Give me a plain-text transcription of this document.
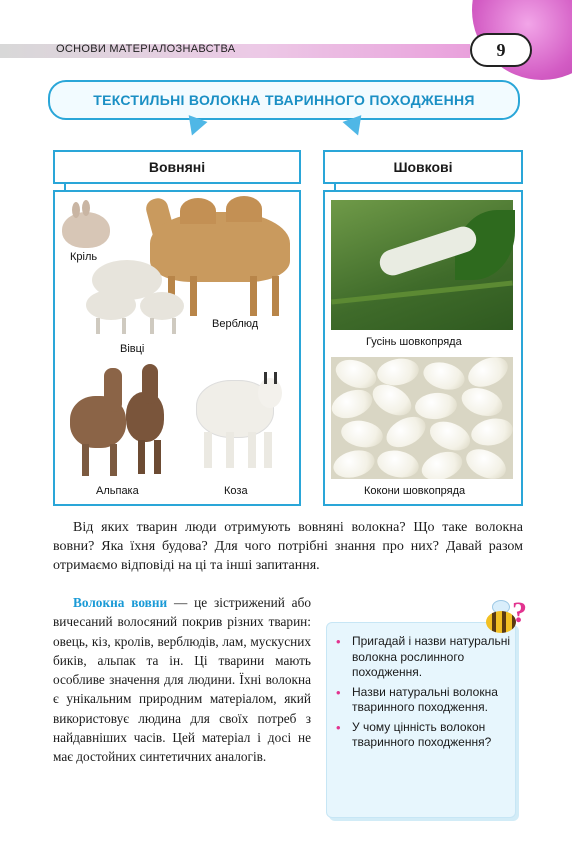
ОСНОВИ МАТЕРІАЛОЗНАВСТВА	9
ТЕКСТИЛЬНІ ВОЛОКНА ТВАРИННОГО ПОХОДЖЕННЯ
Вовняні
Кріль
Верблюд
Вівці
Альпака	Коза
Шовкові
Гусінь шовкопряда
Кокони шовкопряда
Від яких тварин люди отримують вовняні волокна? Що таке волокна вовни? Яка їхня будова? Для чого потрібні знання про них? Давай разом отримаємо відповіді на ці та інші запитання.
Волокна вовни — це зістрижений або вичесаний волосяний покрив різних тварин: овець, кіз, кролів, верблюдів, лам, мускусних биків, альпак та ін. Ці тварини мають особливе значення для людини. Їхні волокна є унікальним природним матеріалом, який використовує людина для своїх потреб з найдавніших часів. Цей матеріал і досі не має достойних синтетичних аналогів.
• Пригадай і назви натуральні волокна рослинного походження.
• Назви натуральні волокна тваринного походження.
• У чому цінність волокон тваринного походження?
?
